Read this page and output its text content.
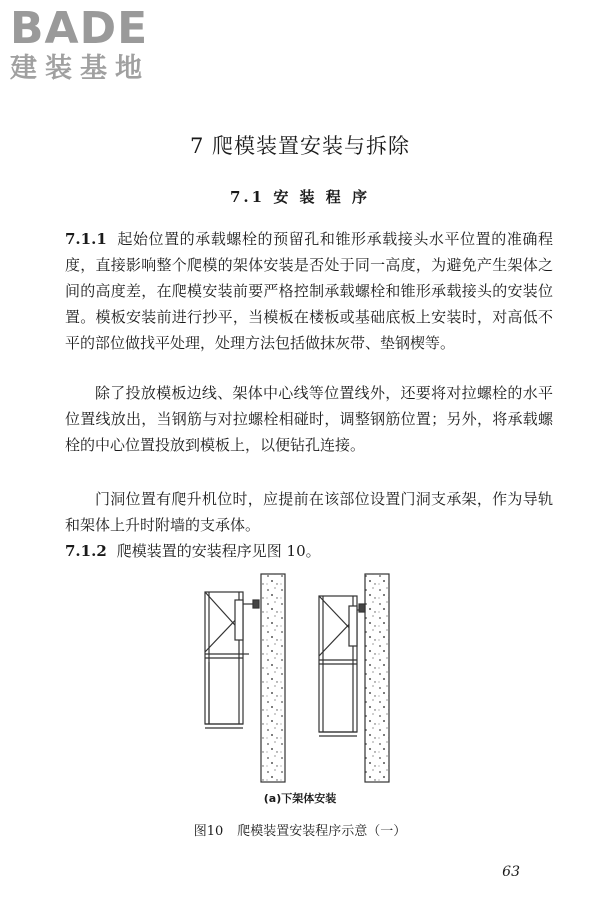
BADE
建装基地
7 爬模装置安装与拆除
7.1 安 装 程 序

7.1.1 起始位置的承载螺栓的预留孔和锥形承载接头水平位置的准确程度，直接影响整个爬模的架体安装是否处于同一高度，为避免产生架体之间的高度差，在爬模安装前要严格控制承载螺栓和锥形承载接头的安装位置。模板安装前进行抄平，当模板在楼板或基础底板上安装时，对高低不平的部位做找平处理，处理方法包括做抹灰带、垫钢楔等。

除了投放模板边线、架体中心线等位置线外，还要将对拉螺栓的水平位置线放出，当钢筋与对拉螺栓相碰时，调整钢筋位置；另外，将承载螺栓的中心位置投放到模板上，以便钻孔连接。

门洞位置有爬升机位时，应提前在该部位设置门洞支承架，作为导轨和架体上升时附墙的支承体。

7.1.2 爬模装置的安装程序见图 10。

(a)下架体安装
图10 爬模装置安装程序示意（一）
63
